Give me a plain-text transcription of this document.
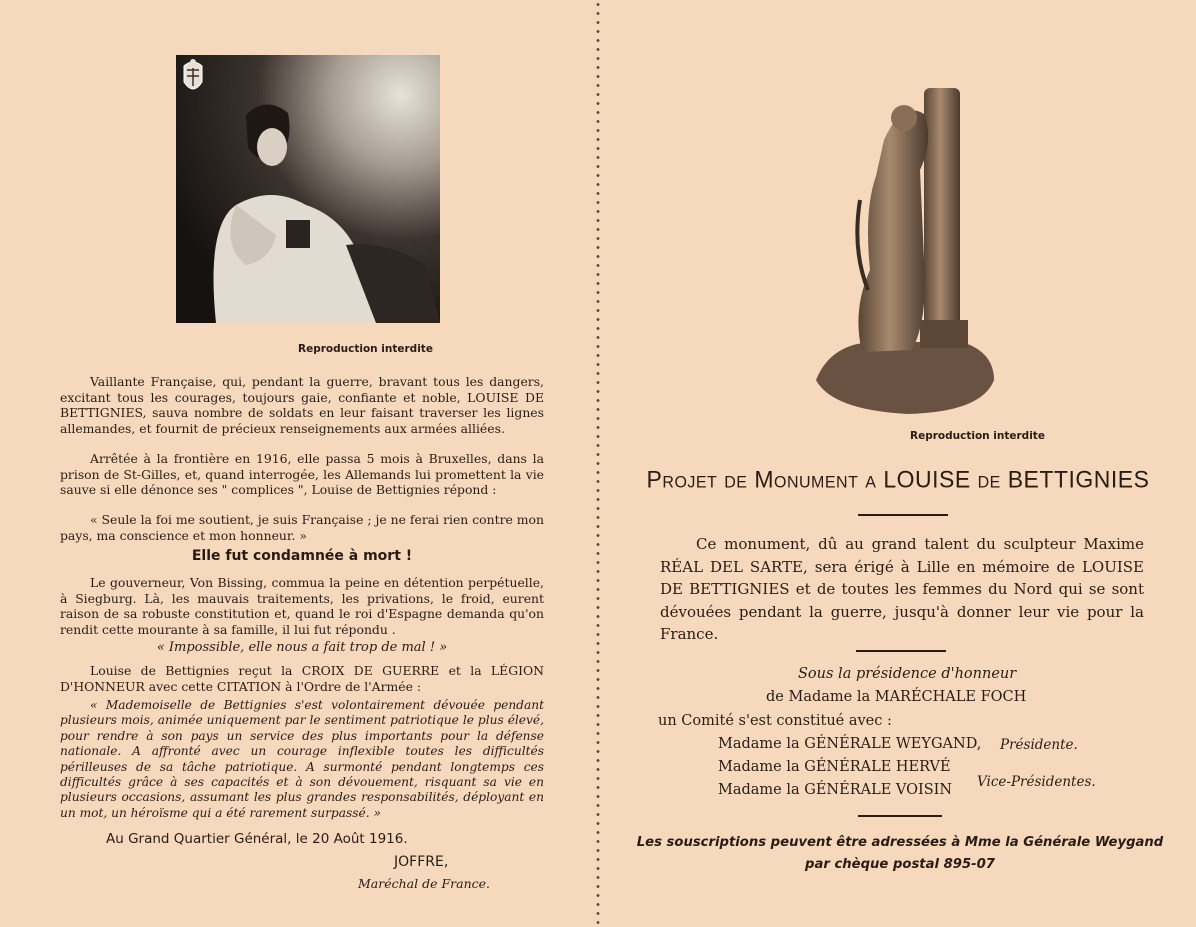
Reproduction interdite

Vaillante Française, qui, pendant la guerre, bravant tous les dangers, excitant tous les courages, toujours gaie, confiante et noble, LOUISE DE BETTIGNIES, sauva nombre de soldats en leur faisant traverser les lignes allemandes, et fournit de précieux renseignements aux armées alliées.

Arrêtée à la frontière en 1916, elle passa 5 mois à Bruxelles, dans la prison de St-Gilles, et, quand interrogée, les Allemands lui promettent la vie sauve si elle dénonce ses " complices ", Louise de Bettignies répond :

« Seule la foi me soutient, je suis Française ; je ne ferai rien contre mon pays, ma conscience et mon honneur. »

Elle fut condamnée à mort !

Le gouverneur, Von Bissing, commua la peine en détention perpétuelle, à Siegburg. Là, les mauvais traitements, les privations, le froid, eurent raison de sa robuste constitution et, quand le roi d'Espagne demanda qu'on rendit cette mourante à sa famille, il lui fut répondu .

« Impossible, elle nous a fait trop de mal ! »

Louise de Bettignies reçut la CROIX DE GUERRE et la LÉGION D'HONNEUR avec cette CITATION à l'Ordre de l'Armée :

« Mademoiselle de Bettignies s'est volontairement dévouée pendant plusieurs mois, animée uniquement par le sentiment patriotique le plus élevé, pour rendre à son pays un service des plus importants pour la défense nationale. A affronté avec un courage inflexible toutes les difficultés périlleuses de sa tâche patriotique. A surmonté pendant longtemps ces difficultés grâce à ses capacités et à son dévouement, risquant sa vie en plusieurs occasions, assumant les plus grandes responsabilités, déployant en un mot, un héroïsme qui a été rarement surpassé. »

Au Grand Quartier Général, le 20 Août 1916.
JOFFRE,
Maréchal de France.
Reproduction interdite
Projet de Monument a LOUISE de BETTIGNIES

Ce monument, dû au grand talent du sculpteur Maxime RÉAL DEL SARTE, sera érigé à Lille en mémoire de LOUISE DE BETTIGNIES et de toutes les femmes du Nord qui se sont dévouées pendant la guerre, jusqu'à donner leur vie pour la France.

Sous la présidence d'honneur
de Madame la MARÉCHALE FOCH
un Comité s'est constitué avec :
Madame la GÉNÉRALE WEYGAND, Présidente.
Madame la GÉNÉRALE HERVÉ
Madame la GÉNÉRALE VOISIN Vice-Présidentes.
Les souscriptions peuvent être adressées à Mme la Générale Weygand
par chèque postal 895-07
